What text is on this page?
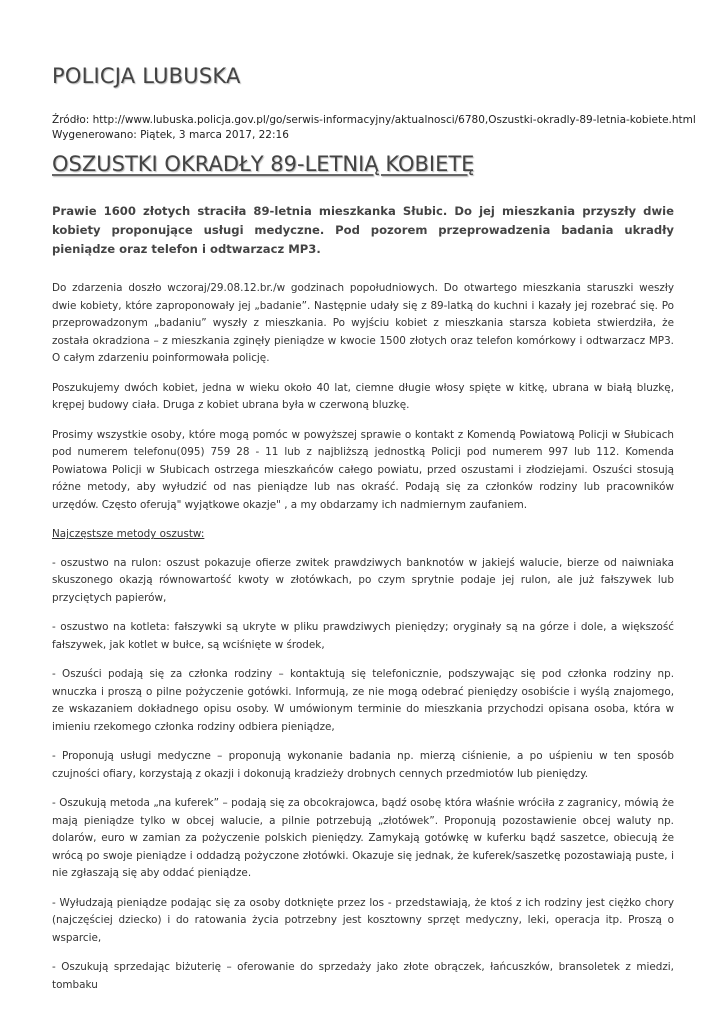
POLICJA LUBUSKA
Źródło: http://www.lubuska.policja.gov.pl/go/serwis-informacyjny/aktualnosci/6780,Oszustki-okradly-89-letnia-kobiete.html
Wygenerowano: Piątek, 3 marca 2017, 22:16
OSZUSTKI OKRADŁY 89-LETNIĄ KOBIETĘ

Prawie 1600 złotych straciła 89-letnia mieszkanka Słubic. Do jej mieszkania przyszły dwie kobiety proponujące usługi medyczne. Pod pozorem przeprowadzenia badania ukradły pieniądze oraz telefon i odtwarzacz MP3.

Do zdarzenia doszło wczoraj/29.08.12.br./w godzinach popołudniowych. Do otwartego mieszkania staruszki weszły dwie kobiety, które zaproponowały jej „badanie”. Następnie udały się z 89-latką do kuchni i kazały jej rozebrać się. Po przeprowadzonym „badaniu” wyszły z mieszkania. Po wyjściu kobiet z mieszkania starsza kobieta stwierdziła, że została okradziona – z mieszkania zginęły pieniądze w kwocie 1500 złotych oraz telefon komórkowy i odtwarzacz MP3. O całym zdarzeniu poinformowała policję.

Poszukujemy dwóch kobiet, jedna w wieku około 40 lat, ciemne długie włosy spięte w kitkę, ubrana w białą bluzkę, krępej budowy ciała. Druga z kobiet ubrana była w czerwoną bluzkę.

Prosimy wszystkie osoby, które mogą pomóc w powyższej sprawie o kontakt z Komendą Powiatową Policji w Słubicach pod numerem telefonu(095) 759 28 - 11 lub z najbliższą jednostką Policji pod numerem 997 lub 112. Komenda Powiatowa Policji w Słubicach ostrzega mieszkańców całego powiatu, przed oszustami i złodziejami. Oszuści stosują różne metody, aby wyłudzić od nas pieniądze lub nas okraść. Podają się za członków rodziny lub pracowników urzędów. Często oferują" wyjątkowe okazje" , a my obdarzamy ich nadmiernym zaufaniem.

Najczęstsze metody oszustw:

- oszustwo na rulon: oszust pokazuje ofierze zwitek prawdziwych banknotów w jakiejś walucie, bierze od naiwniaka skuszonego okazją równowartość kwoty w złotówkach, po czym sprytnie podaje jej rulon, ale już fałszywek lub przyciętych papierów,

- oszustwo na kotleta: fałszywki są ukryte w pliku prawdziwych pieniędzy; oryginały są na górze i dole, a większość fałszywek, jak kotlet w bułce, są wciśnięte w środek,

- Oszuści podają się za członka rodziny – kontaktują się telefonicznie, podszywając się pod członka rodziny np. wnuczka i proszą o pilne pożyczenie gotówki. Informują, ze nie mogą odebrać pieniędzy osobiście i wyślą znajomego, ze wskazaniem dokładnego opisu osoby. W umówionym terminie do mieszkania przychodzi opisana osoba, która w imieniu rzekomego członka rodziny odbiera pieniądze,

- Proponują usługi medyczne – proponują wykonanie badania np. mierzą ciśnienie, a po uśpieniu w ten sposób czujności ofiary, korzystają z okazji i dokonują kradzieży drobnych cennych przedmiotów lub pieniędzy.

- Oszukują metoda „na kuferek” – podają się za obcokrajowca, bądź osobę która właśnie wróciła z zagranicy, mówią że mają pieniądze tylko w obcej walucie, a pilnie potrzebują „złotówek”. Proponują pozostawienie obcej waluty np. dolarów, euro w zamian za pożyczenie polskich pieniędzy. Zamykają gotówkę w kuferku bądź saszetce, obiecują że wrócą po swoje pieniądze i oddadzą pożyczone złotówki. Okazuje się jednak, że kuferek/saszetkę pozostawiają puste, i nie zgłaszają się aby oddać pieniądze.

- Wyłudzają pieniądze podając się za osoby dotknięte przez los - przedstawiają, że ktoś z ich rodziny jest ciężko chory (najczęściej dziecko) i do ratowania życia potrzebny jest kosztowny sprzęt medyczny, leki, operacja itp. Proszą o wsparcie,

- Oszukują sprzedając biżuterię – oferowanie do sprzedaży jako złote obrączek, łańcuszków, bransoletek z miedzi, tombaku
